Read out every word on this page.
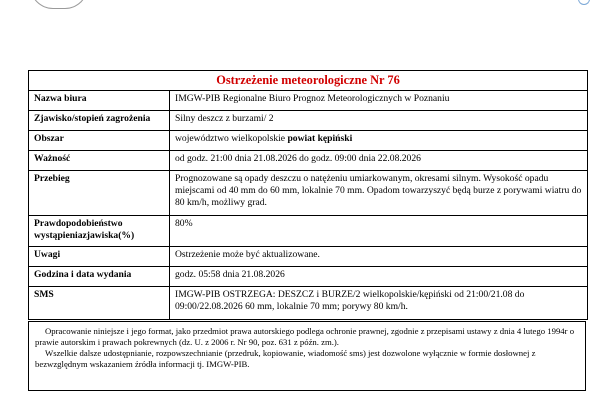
Ostrzeżenie meteorologiczne Nr 76	
Nazwa biura	IMGW-PIB Regionalne Biuro Prognoz Meteorologicznych w Poznaniu
Zjawisko/stopień zagrożenia	Silny deszcz z burzami/ 2
Obszar	województwo wielkopolskie powiat kępiński
Ważność	od godz. 21:00 dnia 21.08.2026 do godz. 09:00 dnia 22.08.2026
Przebieg	Prognozowane są opady deszczu o natężeniu umiarkowanym, okresami silnym. Wysokość opadu miejscami od 40 mm do 60 mm, lokalnie 70 mm. Opadom towarzyszyć będą burze z porywami wiatru do 80 km/h, możliwy grad.
Prawdopodobieństwo wystąpieniazjawiska(%)	80%
Uwagi	Ostrzeżenie może być aktualizowane.
Godzina i data wydania	godz. 05:58 dnia 21.08.2026
SMS	IMGW-PIB OSTRZEGA: DESZCZ i BURZE/2 wielkopolskie/kępiński od 21:00/21.08 do 09:00/22.08.2026 60 mm, lokalnie 70 mm; porywy 80 km/h.

Opracowanie niniejsze i jego format, jako przedmiot prawa autorskiego podlega ochronie prawnej, zgodnie z przepisami ustawy z dnia 4 lutego 1994r o prawie autorskim i prawach pokrewnych (dz. U. z 2006 r. Nr 90, poz. 631 z późn. zm.).

Wszelkie dalsze udostępnianie, rozpowszechnianie (przedruk, kopiowanie, wiadomość sms) jest dozwolone wyłącznie w formie dosłownej z bezwzględnym wskazaniem źródła informacji tj. IMGW-PIB.
